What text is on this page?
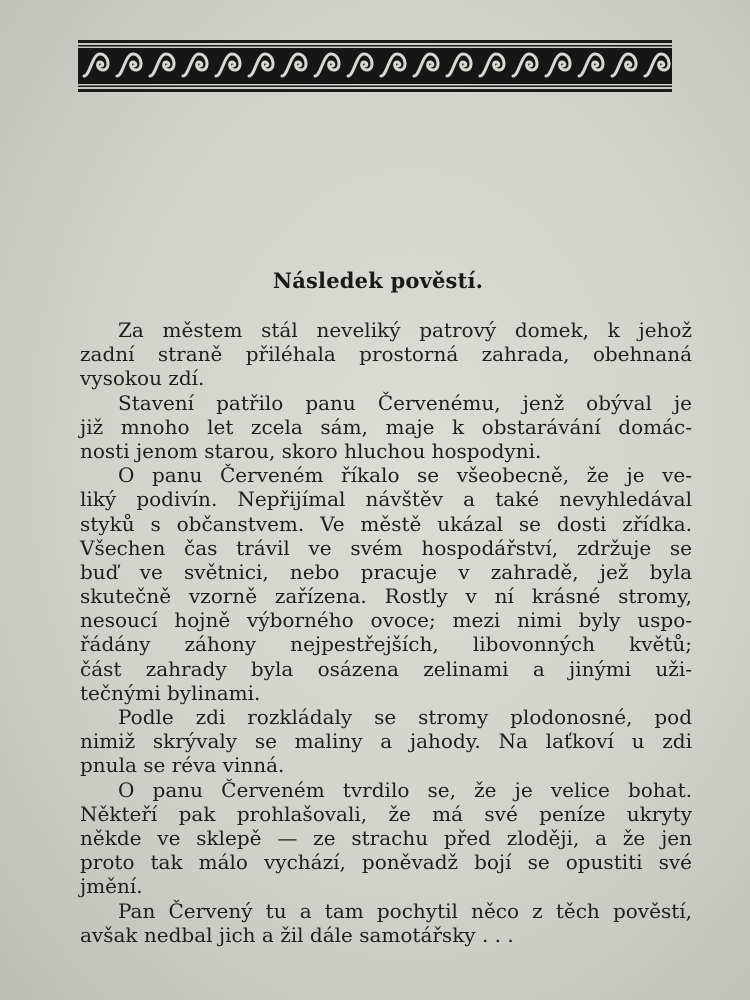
Následek pověstí.
Za městem stál neveliký patrový domek, k jehož
zadní straně přiléhala prostorná zahrada, obehnaná
vysokou zdí.
Stavení patřilo panu Červenému, jenž obýval je
již mnoho let zcela sám, maje k obstarávání domác-
nosti jenom starou, skoro hluchou hospodyni.
O panu Červeném říkalo se všeobecně, že je ve-
liký podivín. Nepřijímal návštěv a také nevyhledával
styků s občanstvem. Ve městě ukázal se dosti zřídka.
Všechen čas trávil ve svém hospodářství, zdržuje se
buď ve světnici, nebo pracuje v zahradě, jež byla
skutečně vzorně zařízena. Rostly v ní krásné stromy,
nesoucí hojně výborného ovoce; mezi nimi byly uspo-
řádány záhony nejpestřejších, libovonných květů;
část zahrady byla osázena zelinami a jinými uži-
tečnými bylinami.
Podle zdi rozkládaly se stromy plodonosné, pod
nimiž skrývaly se maliny a jahody. Na laťkoví u zdi
pnula se réva vinná.
O panu Červeném tvrdilo se, že je velice bohat.
Někteří pak prohlašovali, že má své peníze ukryty
někde ve sklepě — ze strachu před zloději, a že jen
proto tak málo vychází, poněvadž bojí se opustiti své
jmění.
Pan Červený tu a tam pochytil něco z těch pověstí,
avšak nedbal jich a žil dále samotářsky . . .
